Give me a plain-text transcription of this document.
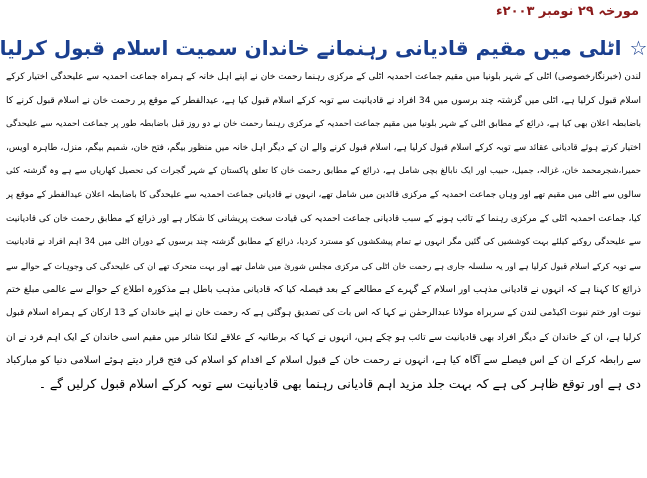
مورخہ ۲۹ نومبر ۲۰۰۳ء
☆
اٹلی میں مقیم قادیانی رہنمانے خاندان سمیت اسلام قبول کرلیا
لندن (خبرنگارخصوصی) اٹلی کے شہر بلونیا میں مقیم جماعت احمدیہ اٹلی کے مرکزی رہنما رحمت خان نے اپنے اہل خانہ کے ہمراہ جماعت احمدیہ سے علیحدگی اختیار کرکے
اسلام قبول کرلیا ہے، اٹلی میں گزشتہ چند برسوں میں 34 افراد نے قادیانیت سے توبہ کرکے اسلام قبول کیا ہے، عیدالفطر کے موقع پر رحمت خان نے اسلام قبول کرنے کا
باضابطہ اعلان بھی کیا ہے، ذرائع کے مطابق اٹلی کے شہر بلونیا میں مقیم جماعت احمدیہ کے مرکزی رہنما رحمت خان نے دو روز قبل باضابطہ طور پر جماعت احمدیہ سے علیحدگی
اختیار کرتے ہوئے قادیانی عقائد سے توبہ کرکے اسلام قبول کرلیا ہے، اسلام قبول کرنے والے ان کے دیگر اہل خانہ میں منظور بیگم، فتح خان، شمیم بیگم، منزل، طاہرہ اویس،
حمیرا،شجرمحمد خان، غزالہ، جمیل، حبیب اور ایک نابالغ بچی شامل ہے، ذرائع کے مطابق رحمت خان کا تعلق پاکستان کے شہر گجرات کی تحصیل کھاریاں سے ہے وہ گزشتہ کئی
سالوں سے اٹلی میں مقیم تھے اور وہاں جماعت احمدیہ کے مرکزی قائدین میں شامل تھے، انہوں نے قادیانی جماعت احمدیہ سے علیحدگی کا باضابطہ اعلان عیدالفطر کے موقع پر
کیا، جماعت احمدیہ اٹلی کے مرکزی رہنما کے تائب ہونے کے سبب قادیانی جماعت احمدیہ کی قیادت سخت پریشانی کا شکار ہے اور ذرائع کے مطابق رحمت خان کی قادیانیت
سے علیحدگی روکنے کیلئے بہت کوششیں کی گئیں مگر انہوں نے تمام پیشکشوں کو مسترد کردیا، ذرائع کے مطابق گزشتہ چند برسوں کے دوران اٹلی میں 34 اہم افراد نے قادیانیت
سے توبہ کرکے اسلام قبول کرلیا ہے اور یہ سلسلہ جاری ہے رحمت خان اٹلی کی مرکزی مجلس شوریٰ میں شامل تھے اور بہت متحرک تھے ان کی علیحدگی کی وجوہات کے حوالے سے
ذرائع کا کہنا ہے کہ انہوں نے قادیانی مذہب اور اسلام کے گہرے کے مطالعے کے بعد فیصلہ کیا کہ قادیانی مذہب باطل ہے مذکورہ اطلاع کے حوالے سے عالمی مبلغ ختم
نبوت اور ختم نبوت اکیڈمی لندن کے سربراہ مولانا عبدالرحمٰن نے کہا کہ اس بات کی تصدیق ہوگئی ہے کہ رحمت خان نے اپنے خاندان کے 13 ارکان کے ہمراہ اسلام قبول
کرلیا ہے، ان کے خاندان کے دیگر افراد بھی قادیانیت سے تائب ہو چکے ہیں، انہوں نے کہا کہ برطانیہ کے علاقے لنکا شائر میں مقیم اسی خاندان کے ایک اہم فرد نے ان
سے رابطہ کرکے ان کے اس فیصلے سے آگاہ کیا ہے، انہوں نے رحمت خان کے قبول اسلام کے اقدام کو اسلام کی فتح قرار دیتے ہوئے اسلامی دنیا کو مبارکباد
دی ہے اور توقع ظاہر کی ہے کہ بہت جلد مزید اہم قادیانی رہنما بھی قادیانیت سے توبہ کرکے اسلام قبول کرلیں گے ۔
